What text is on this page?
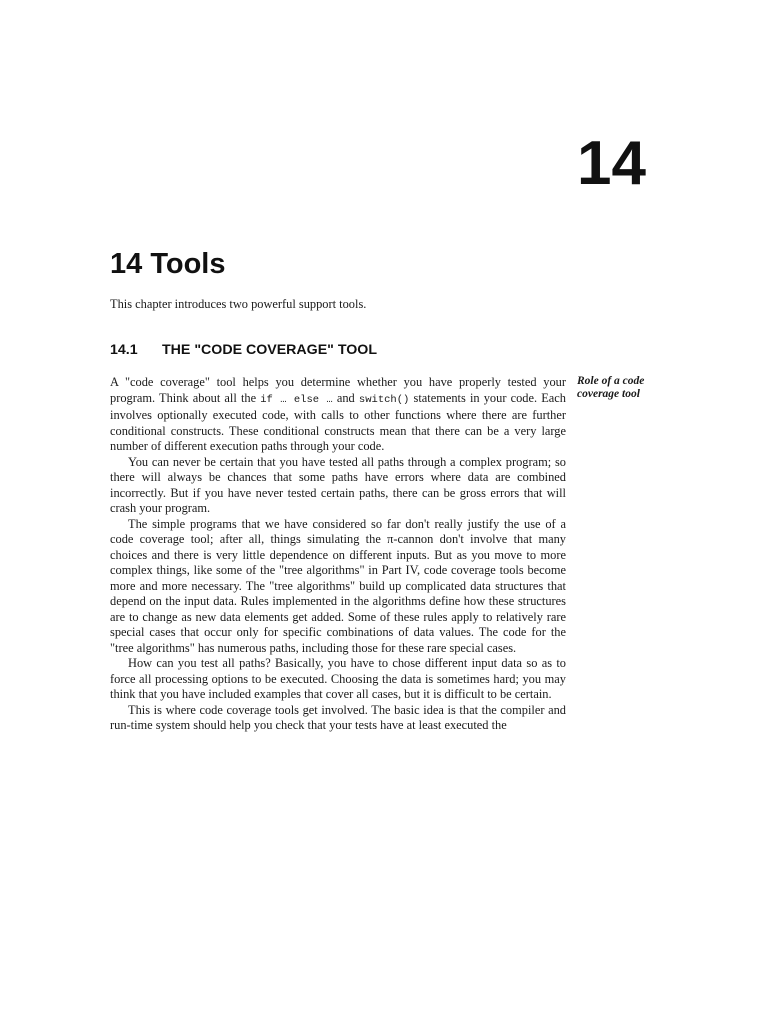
14
14 Tools

This chapter introduces two powerful support tools.

14.1 THE "CODE COVERAGE" TOOL
Role of a code coverage tool

A "code coverage" tool helps you determine whether you have properly tested your program. Think about all the if … else … and switch() statements in your code. Each involves optionally executed code, with calls to other functions where there are further conditional constructs. These conditional constructs mean that there can be a very large number of different execution paths through your code.

You can never be certain that you have tested all paths through a complex program; so there will always be chances that some paths have errors where data are combined incorrectly. But if you have never tested certain paths, there can be gross errors that will crash your program.

The simple programs that we have considered so far don't really justify the use of a code coverage tool; after all, things simulating the π-cannon don't involve that many choices and there is very little dependence on different inputs. But as you move to more complex things, like some of the "tree algorithms" in Part IV, code coverage tools become more and more necessary. The "tree algorithms" build up complicated data structures that depend on the input data. Rules implemented in the algorithms define how these structures are to change as new data elements get added. Some of these rules apply to relatively rare special cases that occur only for specific combinations of data values. The code for the "tree algorithms" has numerous paths, including those for these rare special cases.

How can you test all paths? Basically, you have to chose different input data so as to force all processing options to be executed. Choosing the data is sometimes hard; you may think that you have included examples that cover all cases, but it is difficult to be certain.

This is where code coverage tools get involved. The basic idea is that the compiler and run-time system should help you check that your tests have at least executed the
